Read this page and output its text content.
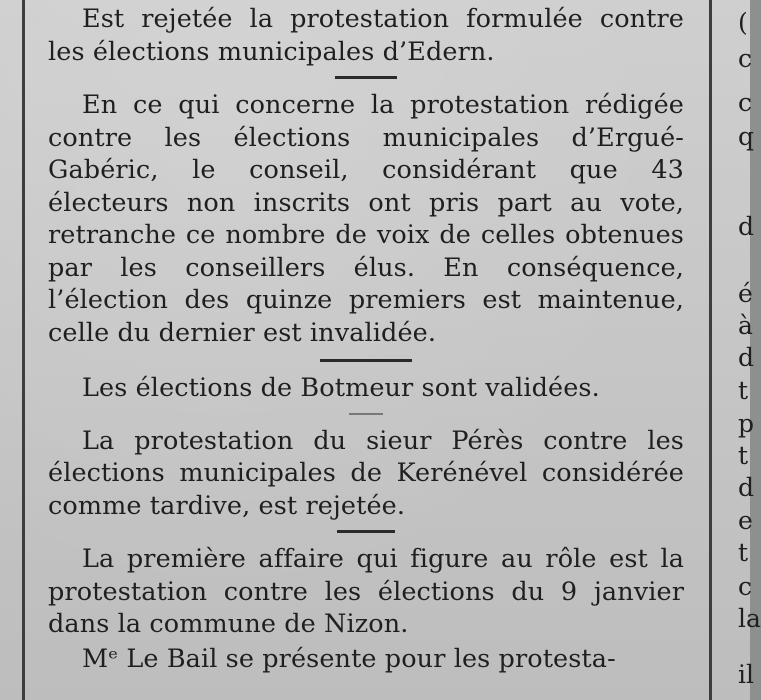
Est rejetée la protestation formulée contre les élections municipales d’Edern.

En ce qui concerne la protestation rédigée contre les élections municipales d’Ergué-Gabéric, le conseil, considérant que 43 électeurs non inscrits ont pris part au vote, retranche ce nombre de voix de celles obtenues par les conseillers élus. En conséquence, l’élection des quinze premiers est maintenue, celle du dernier est invalidée.

Les élections de Botmeur sont validées.

La protestation du sieur Pérès contre les élections municipales de Kerénével considérée comme tardive, est rejetée.

La première affaire qui figure au rôle est la protestation contre les élections du 9 janvier dans la commune de Nizon.

Mᵉ Le Bail se présente pour les protesta-

(
c
c
q
d
é
à
d
t
p
t
d
e
t
c
la
il
